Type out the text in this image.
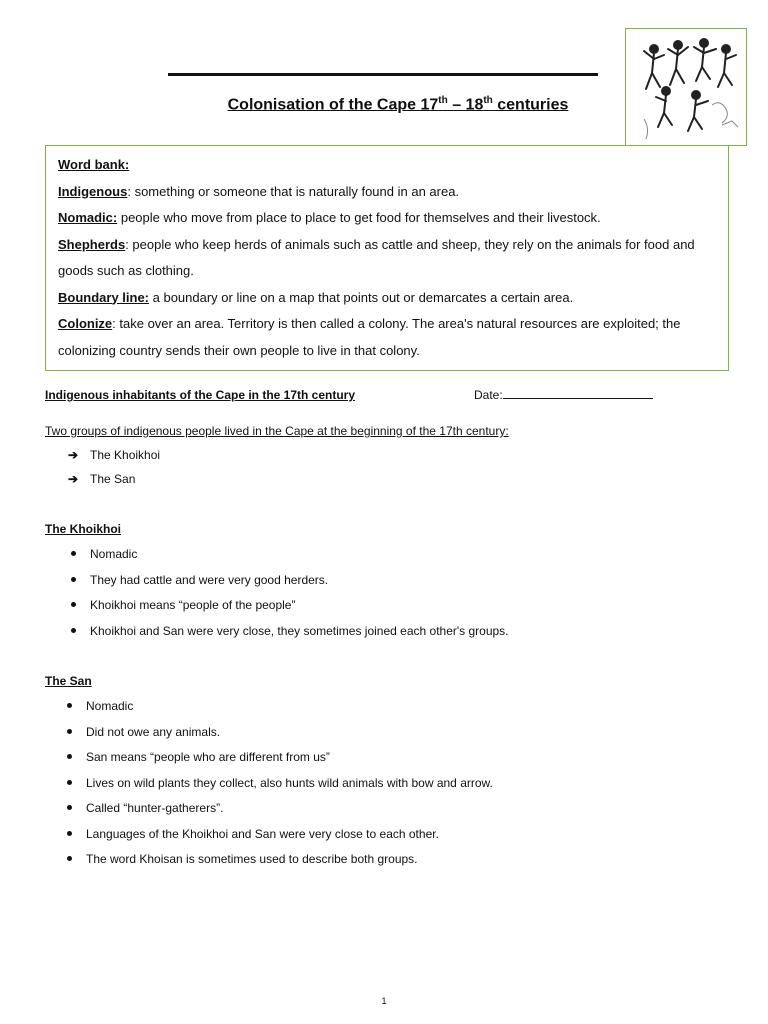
Colonisation of the Cape 17th – 18th centuries

Word bank:

Indigenous: something or someone that is naturally found in an area.

Nomadic: people who move from place to place to get food for themselves and their livestock.

Shepherds: people who keep herds of animals such as cattle and sheep, they rely on the animals for food and goods such as clothing.

Boundary line: a boundary or line on a map that points out or demarcates a certain area.

Colonize: take over an area. Territory is then called a colony. The area's natural resources are exploited; the colonizing country sends their own people to live in that colony.

Indigenous inhabitants of the Cape in the 17th century	Date:
Two groups of indigenous people lived in the Cape at the beginning of the 17th century:
➔ The Khoikhoi
➔ The San
The Khoikhoi
Nomadic
They had cattle and were very good herders.
Khoikhoi means “people of the people”
Khoikhoi and San were very close, they sometimes joined each other's groups.
The San
Nomadic
Did not owe any animals.
San means “people who are different from us”
Lives on wild plants they collect, also hunts wild animals with bow and arrow.
Called “hunter-gatherers”.
Languages of the Khoikhoi and San were very close to each other.
The word Khoisan is sometimes used to describe both groups.
1
